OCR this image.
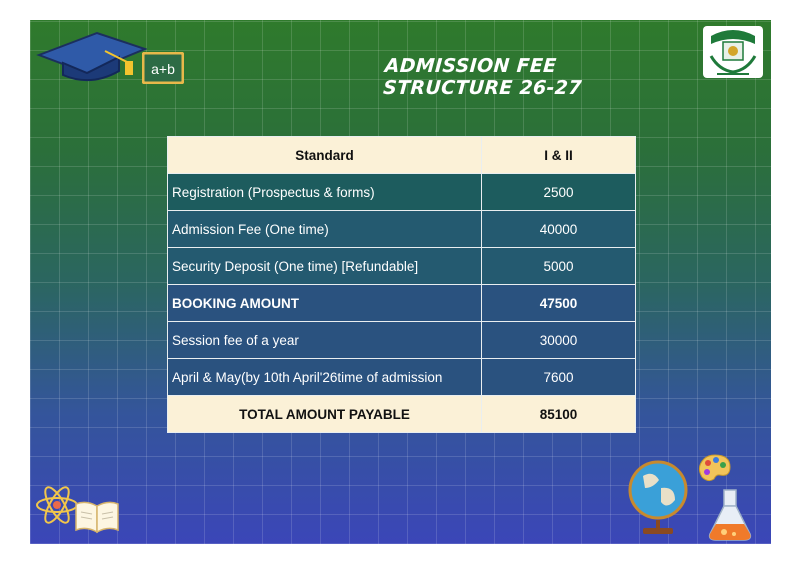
a+b	ADMISSION FEE STRUCTURE 26-27
Standard	I & II
Registration (Prospectus & forms)	2500
Admission Fee (One time)	40000
Security Deposit (One time) [Refundable]	5000
BOOKING AMOUNT	47500
Session fee of a year	30000
April & May(by 10th April'26time of admission	7600
TOTAL AMOUNT PAYABLE	85100
